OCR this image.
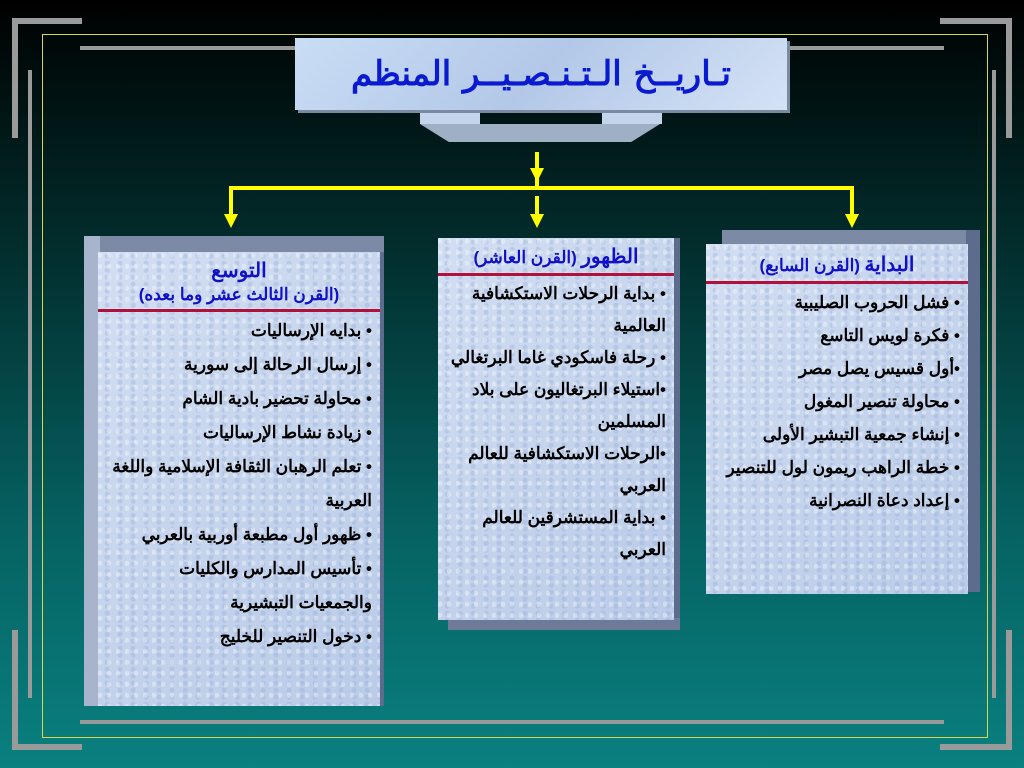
تـاريــخ الـتـنـصـيــر المنظم
البداية (القرن السابع)
• فشل الحروب الصليبية
• فكرة لويس التاسع
•أول قسيس يصل مصر
• محاولة تنصير المغول
• إنشاء جمعية التبشير الأولى
• خطة الراهب ريمون لول للتنصير
• إعداد دعاة النصرانية
الظهور (القرن العاشر)
• بداية الرحلات الاستكشافية العالمية
• رحلة فاسكودي غاما البرتغالي
•استيلاء البرتغاليون على بلاد المسلمين
•الرحلات الاستكشافية للعالم العربي
• بداية المستشرقين للعالم العربي
التوسع
(القرن الثالث عشر وما بعده)
• بدايه الإرساليات
• إرسال الرحالة إلى سورية
• محاولة تحضير بادية الشام
• زيادة نشاط الإرساليات
• تعلم الرهبان الثقافة الإسلامية واللغة العربية
• ظهور أول مطبعة أوربية بالعربي
• تأسيس المدارس والكليات والجمعيات التبشيرية
• دخول التنصير للخليج
